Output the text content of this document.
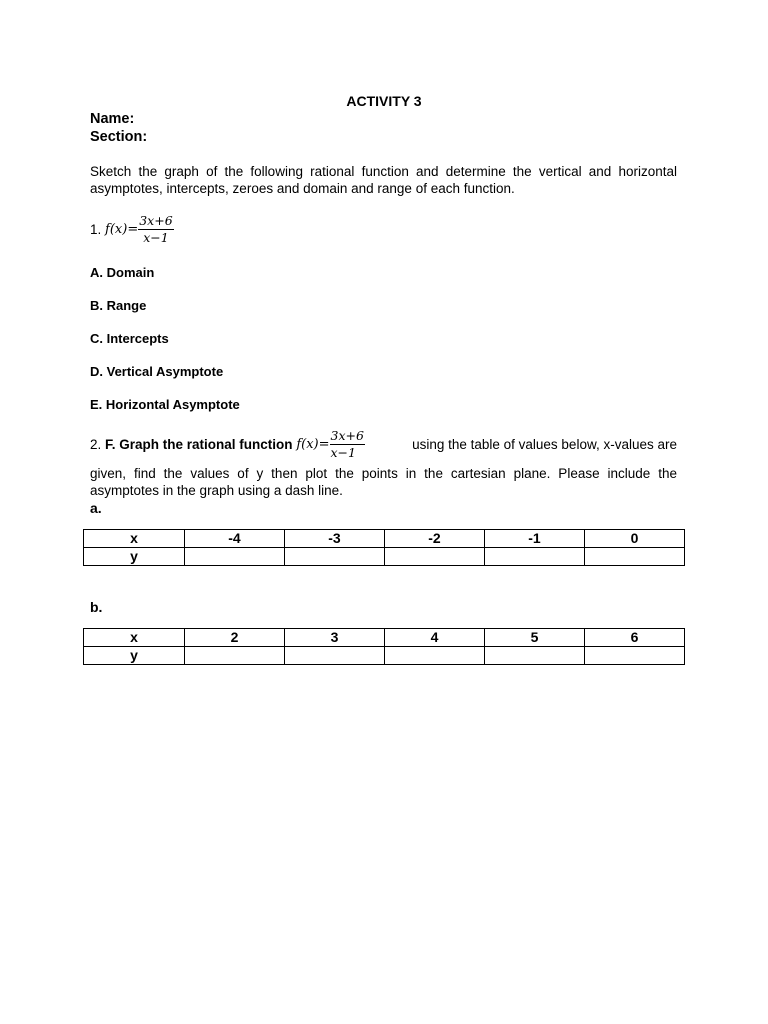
ACTIVITY 3
Name:
Section:
Sketch the graph of the following rational function and determine the vertical and horizontal asymptotes, intercepts, zeroes and domain and range of each function.
1. $f(x)= \frac{3x+6}{x-1}$
A. Domain
B. Range
C. Intercepts
D. Vertical Asymptote
E. Horizontal Asymptote
2. F. Graph the rational function $f(x)= \frac{3x+6}{x-1}$	using the table of values below, x-values are
given, find the values of y then plot the points in the cartesian plane. Please include the asymptotes in the graph using a dash line.
a.
x	-4	-3	-2	-1	0
y					
b.
x	2	3	4	5	6
y					
